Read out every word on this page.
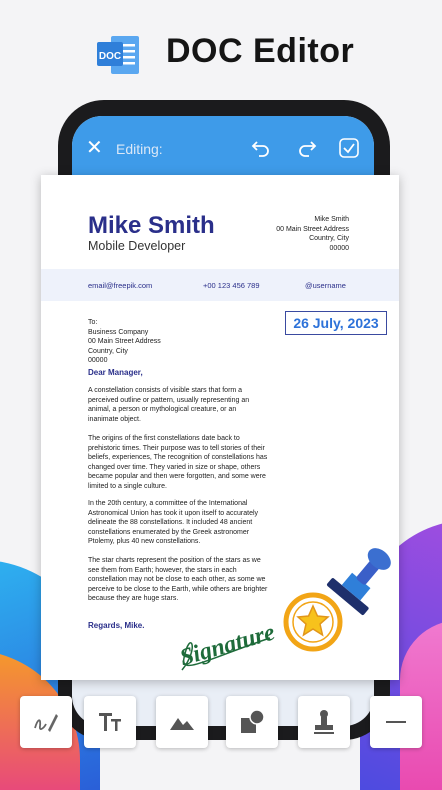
DOC DOC Editor
✕ Editing:
Mike Smith
Mobile Developer
Mike Smith
00 Main Street Address
Country, City
00000
email@freepik.com	+00 123 456 789	@username
To:
Business Company
00 Main Street Address
Country, City
00000
26 July, 2023
Dear Manager,
A constellation consists of visible stars that form a perceived outline or pattern, usually representing an animal, a person or mythological creature, or an inanimate object.
The origins of the first constellations date back to prehistoric times. Their purpose was to tell stories of their beliefs, experiences, The recognition of constellations has changed over time. They varied in size or shape, others became popular and then were forgotten, and some were limited to a single culture.
In the 20th century, a committee of the International Astronomical Union has took it upon itself to accurately delineate the 88 constellations. It included 48 ancient constellations enumerated by the Greek astronomer Ptolemy, plus 40 new constellations.
The star charts represent the position of the stars as we see them from Earth; however, the stars in each constellation may not be close to each other, as some we perceive to be close to the Earth, while others are brighter because they are huge stars.
Regards, Mike. Signature
